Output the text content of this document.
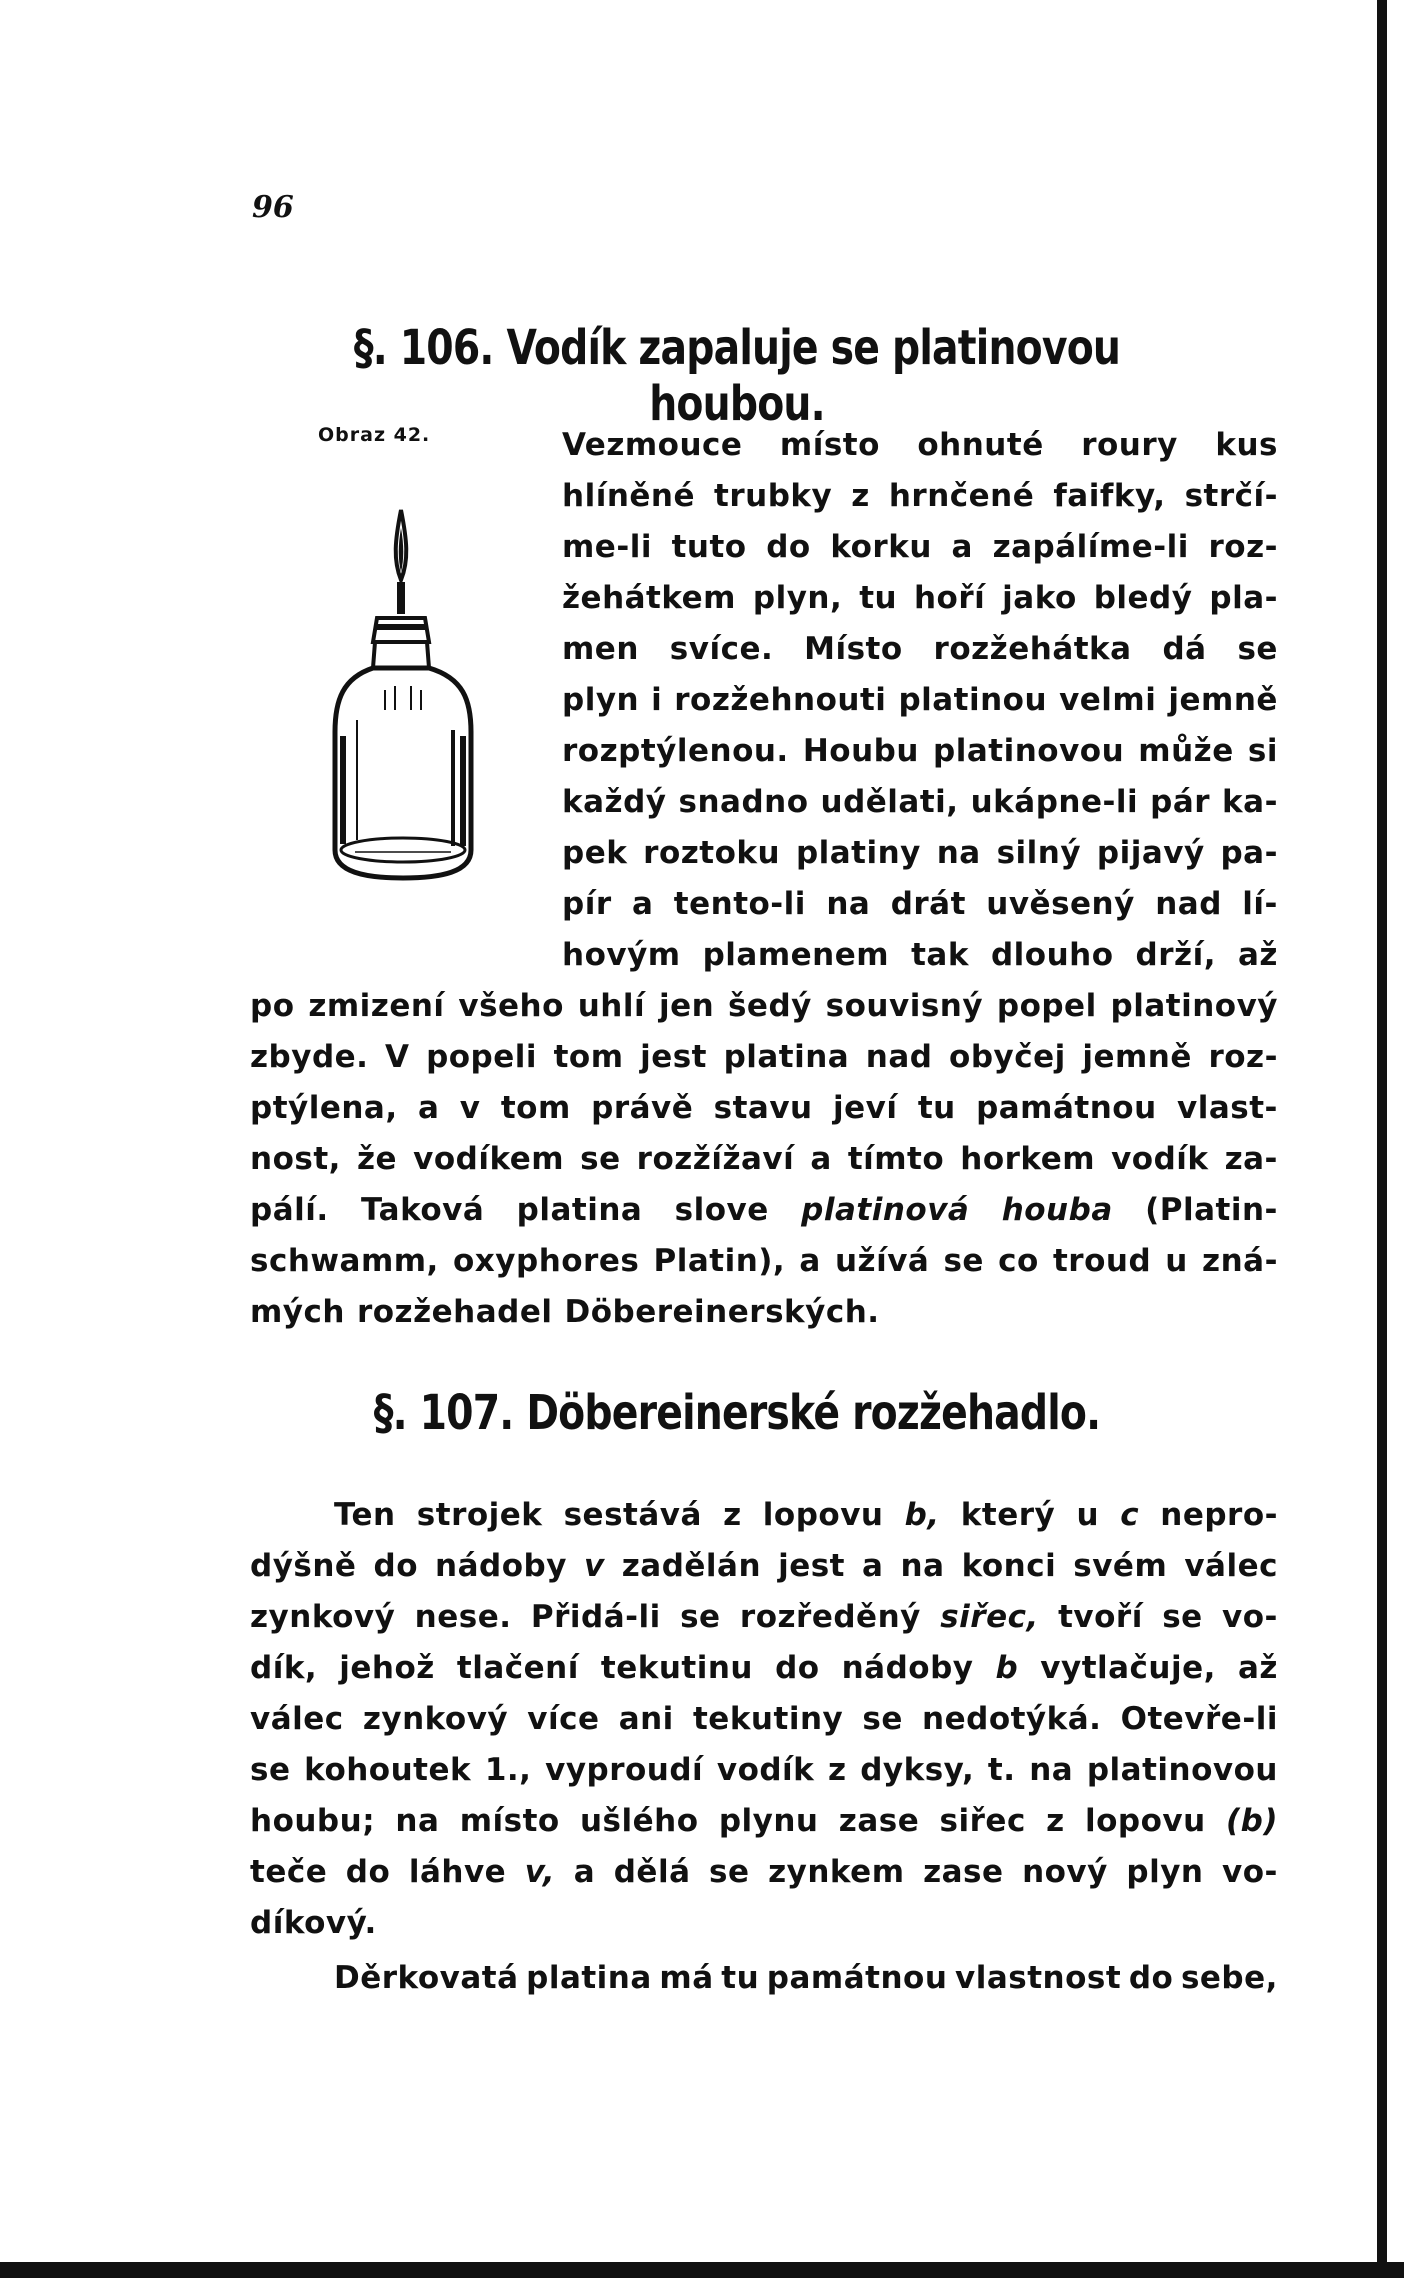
96
§. 106. Vodík zapaluje se platinovou houbou.
Obraz 42.	Vezmouce místo ohnuté roury kus
hlíněné trubky z hrnčené faifky, strčí-
me-li tuto do korku a zapálíme-li roz-
žehátkem plyn, tu hoří jako bledý pla-
men svíce. Místo rozžehátka dá se
plyn i rozžehnouti platinou velmi jemně
rozptýlenou. Houbu platinovou může si
každý snadno udělati, ukápne-li pár ka-
pek roztoku platiny na silný pijavý pa-
pír a tento-li na drát uvěsený nad lí-
hovým plamenem tak dlouho drží, až
po zmizení všeho uhlí jen šedý souvisný popel platinový
zbyde. V popeli tom jest platina nad obyčej jemně roz-
ptýlena, a v tom právě stavu jeví tu památnou vlast-
nost, že vodíkem se rozžížaví a tímto horkem vodík za-
pálí. Taková platina slove platinová houba (Platin-
schwamm, oxyphores Platin), a užívá se co troud u zná-
mých rozžehadel Döbereinerských.
§. 107. Döbereinerské rozžehadlo.
Ten strojek sestává z lopovu b, který u c nepro-
dýšně do nádoby v zadělán jest a na konci svém válec
zynkový nese. Přidá-li se rozředěný siřec, tvoří se vo-
dík, jehož tlačení tekutinu do nádoby b vytlačuje, až
válec zynkový více ani tekutiny se nedotýká. Otevře-li
se kohoutek 1., vyproudí vodík z dyksy, t. na platinovou
houbu; na místo ušlého plynu zase siřec z lopovu (b)
teče do láhve v, a dělá se zynkem zase nový plyn vo-
díkový.
Děrkovatá platina má tu památnou vlastnost do sebe,
